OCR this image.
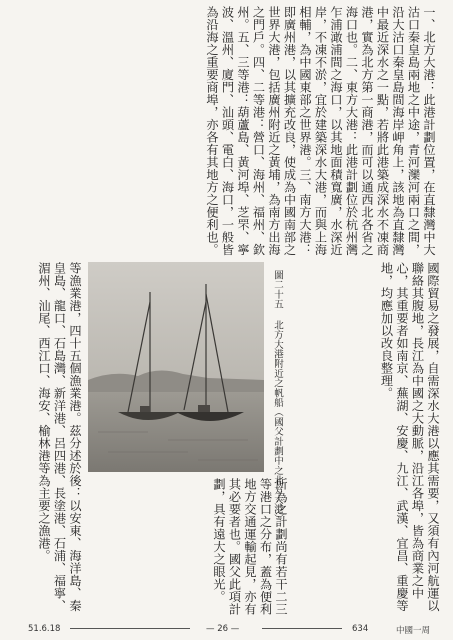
一、北方大港：此港計劃位置，在直隸灣中大沽口秦皇島兩地之中途，青河灤河兩口之間，沿大沽口秦皇島間海岸岬角上，該地為直隸灣中最近深水之一點，若將此港築成深水不凍商港，實為北方第一商港，而可以通西北各省之海口也。二、東方大港：此港計劃位於杭州灣乍浦澉浦間之海口，以其地面積寬廣，水深近岸，不凍不淤，宜於建築深水大港，而與上海相輔，為中國東部之世界港。三、南方大港：即廣州港，以其擴充改良，使成為中國南部之世界大港，包括廣州附近之黃埔，為南方出海之門戶。四、二等港：營口、海州、福州、欽州。五、三等港：葫蘆島、黃河埠、芝罘、寧波、溫州、廈門、汕頭、電白、海口，一般皆為沿海之重要商埠，亦各有其地方之便利也。

國際貿易之發展，自需深水大港以應其需要，又須有內河航運以聯絡其腹地，長江為中國之大動脈，沿江各埠，皆為商業之中心，其重要者如南京、蕪湖、安慶、九江、武漢、宜昌、重慶等地，均應加以改良整理。

圖二十五 北方大港附近之帆船（國父計劃中之北方大港）

所為之計劃尚有若干二三等港口之分布，蓋為便利地方交通運輸起見，亦有其必要者也。國父此項計劃，具有遠大之眼光。

等漁業港，四十五個漁業港。茲分述於後：以安東、海洋島、秦皇島、龍口、石島灣、新洋港、呂四港、長塗港、石浦、福寧、湄州、汕尾、西江口、海安、榆林港等為主要之漁港。

51.6.18	— 26 —	634	中國一周
